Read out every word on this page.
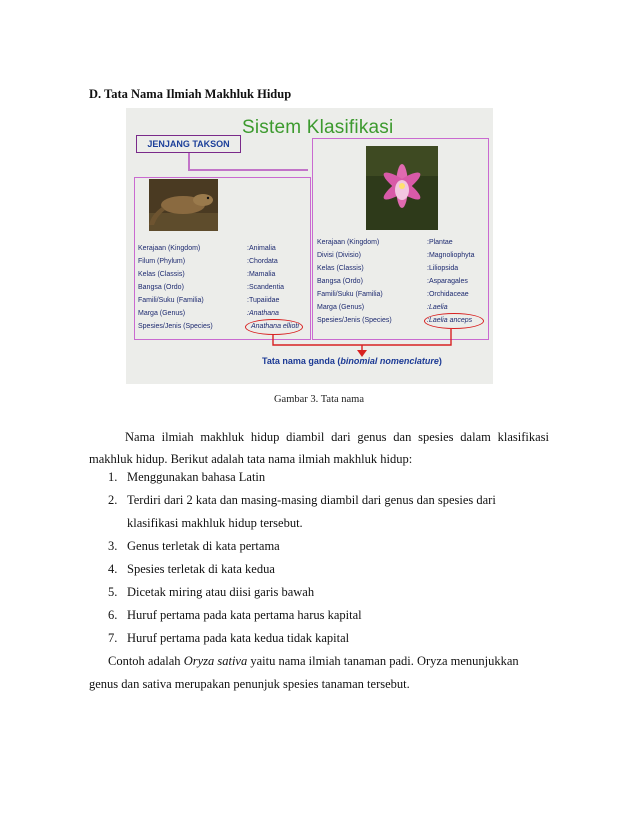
D. Tata Nama Ilmiah Makhluk Hidup
Sistem Klasifikasi
JENJANG TAKSON
Kerajaan (Kingdom)
Filum (Phylum)
Kelas (Classis)
Bangsa (Ordo)
Famili/Suku (Familia)
Marga (Genus)
Spesies/Jenis (Species)
:Animalia
:Chordata
:Mamalia
:Scandentia
:Tupaiidae
:Anathana
Anathana ellioti
Kerajaan (Kingdom)
Divisi (Divisio)
Kelas (Classis)
Bangsa (Ordo)
Famili/Suku (Familia)
Marga (Genus)
Spesies/Jenis (Species)
:Plantae
:Magnoliophyta
:Liliopsida
:Asparagales
:Orchidaceae
:Laelia
:Laelia anceps
Tata nama ganda (binomial nomenclature)
Gambar 3. Tata nama
Nama ilmiah makhluk hidup diambil dari genus dan spesies dalam klasifikasi
makhluk hidup. Berikut adalah tata nama ilmiah makhluk hidup:
1. Menggunakan bahasa Latin
2. Terdiri dari 2 kata dan masing-masing diambil dari genus dan spesies dari
klasifikasi makhluk hidup tersebut.
3. Genus terletak di kata pertama
4. Spesies terletak di kata kedua
5. Dicetak miring atau diisi garis bawah
6. Huruf pertama pada kata pertama harus kapital
7. Huruf pertama pada kata kedua tidak kapital
Contoh adalah Oryza sativa yaitu nama ilmiah tanaman padi. Oryza menunjukkan
genus dan sativa merupakan penunjuk spesies tanaman tersebut.
